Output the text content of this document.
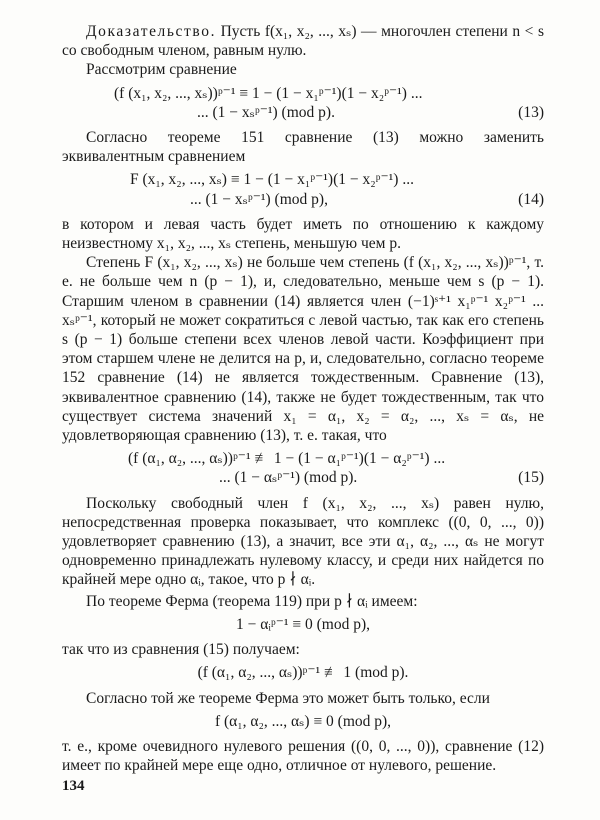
Доказательство. Пусть f(x₁, x₂, ..., xₛ) — многочлен степени n < s со свободным членом, равным нулю.

Рассмотрим сравнение

(f (x₁, x₂, ..., xₛ))ᵖ⁻¹ ≡ 1 − (1 − x₁ᵖ⁻¹)(1 − x₂ᵖ⁻¹) ...
... (1 − xₛᵖ⁻¹) (mod p).	(13)

Согласно теореме 151 сравнение (13) можно заменить эквивалентным сравнением

F (x₁, x₂, ..., xₛ) ≡ 1 − (1 − x₁ᵖ⁻¹)(1 − x₂ᵖ⁻¹) ...
... (1 − xₛᵖ⁻¹) (mod p),	(14)

в котором и левая часть будет иметь по отношению к каждому неизвестному x₁, x₂, ..., xₛ степень, меньшую чем p.

Степень F (x₁, x₂, ..., xₛ) не больше чем степень (f (x₁, x₂, ..., xₛ))ᵖ⁻¹, т. е. не больше чем n (p − 1), и, следовательно, меньше чем s (p − 1). Старшим членом в сравнении (14) является член (−1)ˢ⁺¹ x₁ᵖ⁻¹ x₂ᵖ⁻¹ ... xₛᵖ⁻¹, который не может сократиться с левой частью, так как его степень s (p − 1) больше степени всех членов левой части. Коэффициент при этом старшем члене не делится на p, и, следовательно, согласно теореме 152 сравнение (14) не является тождественным. Сравнение (13), эквивалентное сравнению (14), также не будет тождественным, так что существует система значений x₁ = α₁, x₂ = α₂, ..., xₛ = αₛ, не удовлетворяющая сравнению (13), т. е. такая, что

(f (α₁, α₂, ..., αₛ))ᵖ⁻¹ ≢ 1 − (1 − α₁ᵖ⁻¹)(1 − α₂ᵖ⁻¹) ...
... (1 − αₛᵖ⁻¹) (mod p).	(15)

Поскольку свободный член f (x₁, x₂, ..., xₛ) равен нулю, непосредственная проверка показывает, что комплекс ((0, 0, ..., 0)) удовлетворяет сравнению (13), а значит, все эти α₁, α₂, ..., αₛ не могут одновременно принадлежать нулевому классу, и среди них найдется по крайней мере одно αᵢ, такое, что p ∤ αᵢ.

По теореме Ферма (теорема 119) при p ∤ αᵢ имеем:

1 − αᵢᵖ⁻¹ ≡ 0 (mod p),

так что из сравнения (15) получаем:

(f (α₁, α₂, ..., αₛ))ᵖ⁻¹ ≢ 1 (mod p).

Согласно той же теореме Ферма это может быть только, если

f (α₁, α₂, ..., αₛ) ≡ 0 (mod p),

т. е., кроме очевидного нулевого решения ((0, 0, ..., 0)), сравнение (12) имеет по крайней мере еще одно, отличное от нулевого, решение.

134
